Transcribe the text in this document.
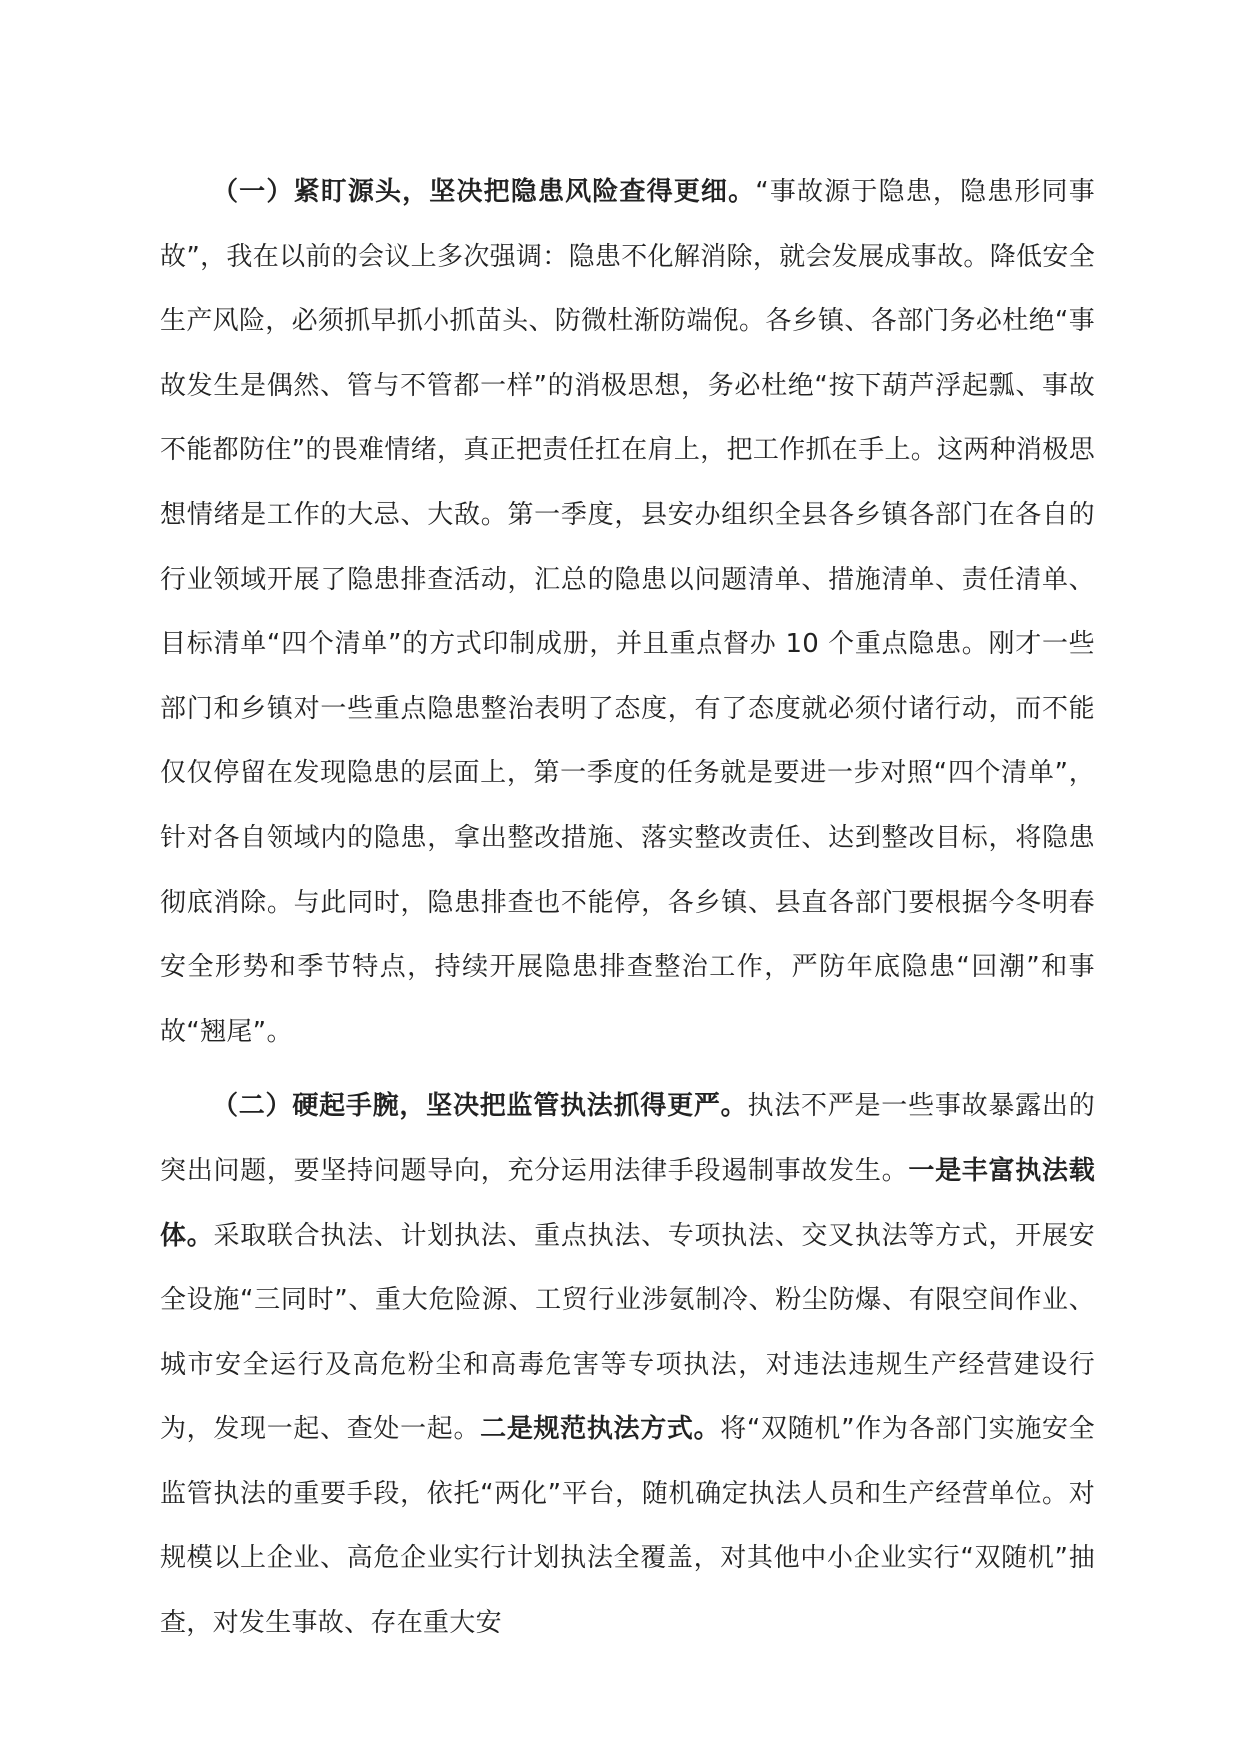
（一）紧盯源头，坚决把隐患风险查得更细。“事故源于隐患，隐患形同事故”，我在以前的会议上多次强调：隐患不化解消除，就会发展成事故。降低安全生产风险，必须抓早抓小抓苗头、防微杜渐防端倪。各乡镇、各部门务必杜绝“事故发生是偶然、管与不管都一样”的消极思想，务必杜绝“按下葫芦浮起瓢、事故不能都防住”的畏难情绪，真正把责任扛在肩上，把工作抓在手上。这两种消极思想情绪是工作的大忌、大敌。第一季度，县安办组织全县各乡镇各部门在各自的行业领域开展了隐患排查活动，汇总的隐患以问题清单、措施清单、责任清单、目标清单“四个清单”的方式印制成册，并且重点督办 10 个重点隐患。刚才一些部门和乡镇对一些重点隐患整治表明了态度，有了态度就必须付诸行动，而不能仅仅停留在发现隐患的层面上，第一季度的任务就是要进一步对照“四个清单”，针对各自领域内的隐患，拿出整改措施、落实整改责任、达到整改目标，将隐患彻底消除。与此同时，隐患排查也不能停，各乡镇、县直各部门要根据今冬明春安全形势和季节特点，持续开展隐患排查整治工作，严防年底隐患“回潮”和事故“翘尾”。

（二）硬起手腕，坚决把监管执法抓得更严。执法不严是一些事故暴露出的突出问题，要坚持问题导向，充分运用法律手段遏制事故发生。一是丰富执法载体。采取联合执法、计划执法、重点执法、专项执法、交叉执法等方式，开展安全设施“三同时”、重大危险源、工贸行业涉氨制冷、粉尘防爆、有限空间作业、城市安全运行及高危粉尘和高毒危害等专项执法，对违法违规生产经营建设行为，发现一起、查处一起。二是规范执法方式。将“双随机”作为各部门实施安全监管执法的重要手段，依托“两化”平台，随机确定执法人员和生产经营单位。对规模以上企业、高危企业实行计划执法全覆盖，对其他中小企业实行“双随机”抽查，对发生事故、存在重大安
